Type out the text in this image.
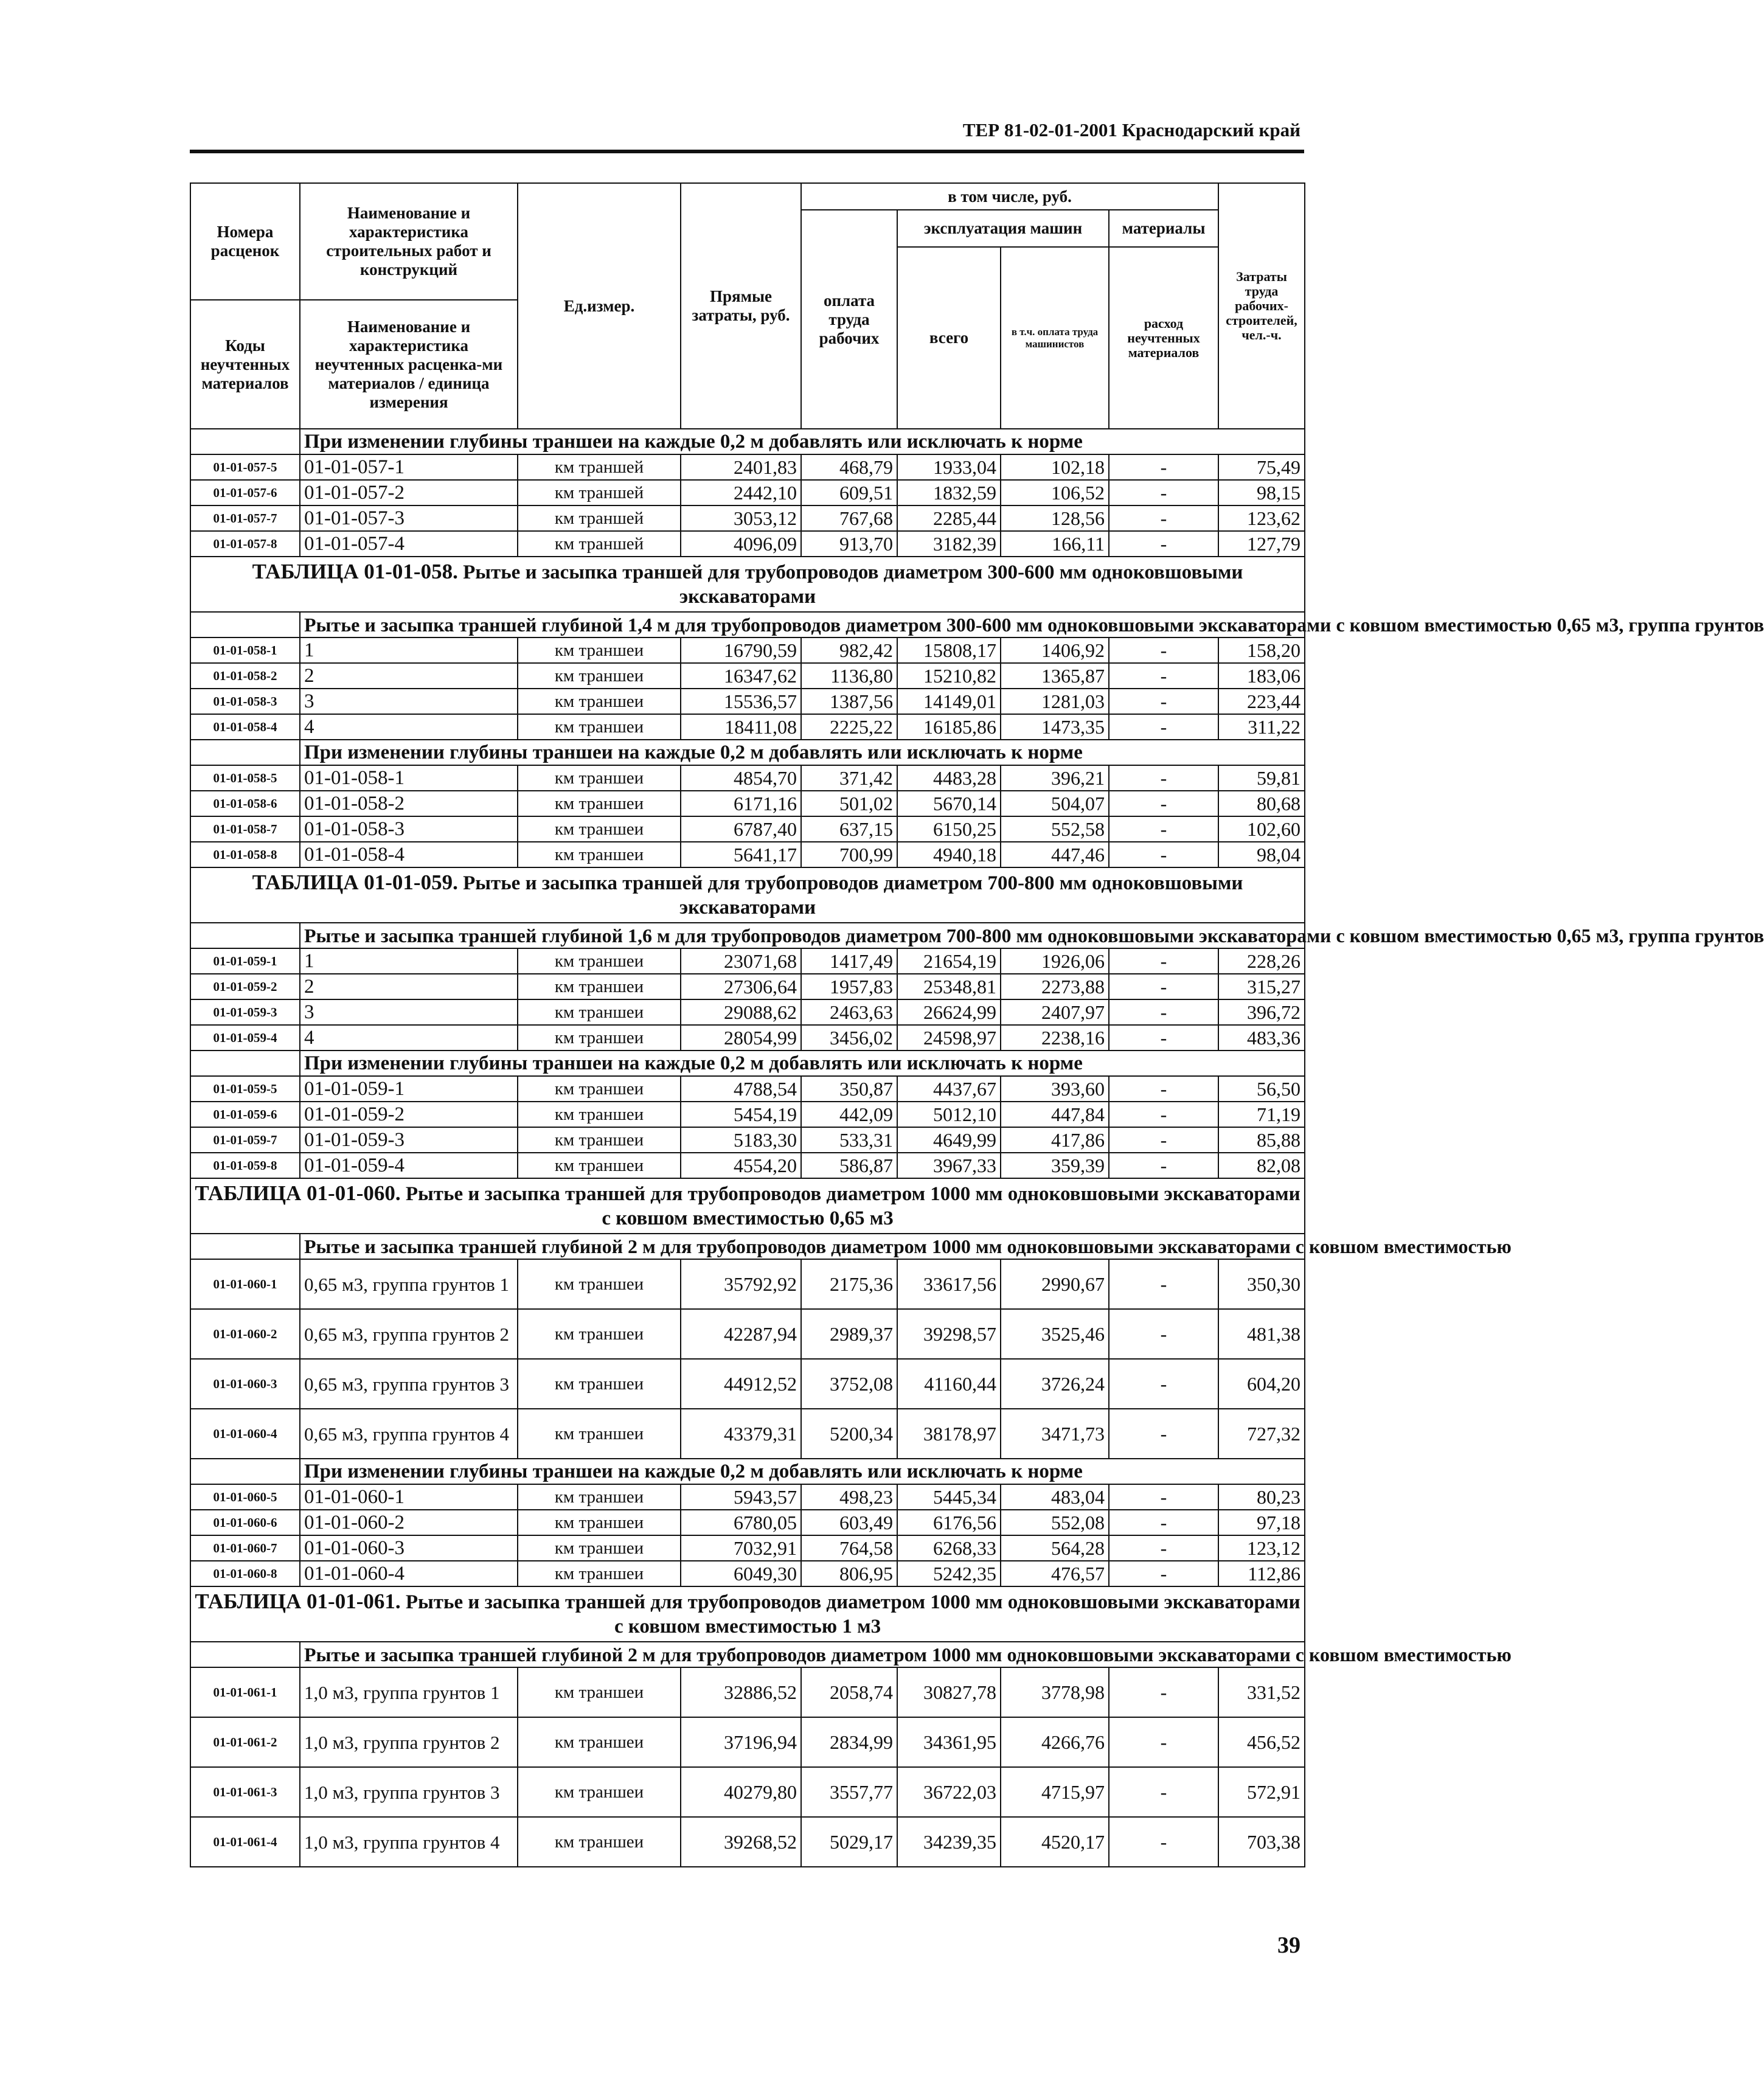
ТЕР 81-02-01-2001 Краснодарский край
Номера расценок	Наименование и характеристика строительных работ и конструкций	Ед.измер.	Прямые затраты, руб.	в том числе, руб.				Затраты труда рабочих-строителей, чел.-ч.
				оплата труда рабочих	эксплуатация машин		материалы	
					всего	в т.ч. оплата труда машинистов	расход неучтенных материалов	
Коды неучтенных материалов	Наименование и характеристика неучтенных расценка-ми материалов / единица измерения							

	При изменении глубины траншеи на каждые 0,2 м добавлять или исключать к норме							
01-01-057-5	01-01-057-1	км траншей	2401,83	468,79	1933,04	102,18	-	75,49
01-01-057-6	01-01-057-2	км траншей	2442,10	609,51	1832,59	106,52	-	98,15
01-01-057-7	01-01-057-3	км траншей	3053,12	767,68	2285,44	128,56	-	123,62
01-01-057-8	01-01-057-4	км траншей	4096,09	913,70	3182,39	166,11	-	127,79
ТАБЛИЦА 01-01-058. Рытье и засыпка траншей для трубопроводов диаметром 300-600 мм одноковшовыми экскаваторами								
	Рытье и засыпка траншей глубиной 1,4 м для трубопроводов диаметром 300-600 мм одноковшовыми экскаваторами с ковшом вместимостью 0,65 м3, группа грунтов							
01-01-058-1	1	км траншеи	16790,59	982,42	15808,17	1406,92	-	158,20
01-01-058-2	2	км траншеи	16347,62	1136,80	15210,82	1365,87	-	183,06
01-01-058-3	3	км траншеи	15536,57	1387,56	14149,01	1281,03	-	223,44
01-01-058-4	4	км траншеи	18411,08	2225,22	16185,86	1473,35	-	311,22
	При изменении глубины траншеи на каждые 0,2 м добавлять или исключать к норме							
01-01-058-5	01-01-058-1	км траншеи	4854,70	371,42	4483,28	396,21	-	59,81
01-01-058-6	01-01-058-2	км траншеи	6171,16	501,02	5670,14	504,07	-	80,68
01-01-058-7	01-01-058-3	км траншеи	6787,40	637,15	6150,25	552,58	-	102,60
01-01-058-8	01-01-058-4	км траншеи	5641,17	700,99	4940,18	447,46	-	98,04
ТАБЛИЦА 01-01-059. Рытье и засыпка траншей для трубопроводов диаметром 700-800 мм одноковшовыми экскаваторами								
	Рытье и засыпка траншей глубиной 1,6 м для трубопроводов диаметром 700-800 мм одноковшовыми экскаваторами с ковшом вместимостью 0,65 м3, группа грунтов							
01-01-059-1	1	км траншеи	23071,68	1417,49	21654,19	1926,06	-	228,26
01-01-059-2	2	км траншеи	27306,64	1957,83	25348,81	2273,88	-	315,27
01-01-059-3	3	км траншеи	29088,62	2463,63	26624,99	2407,97	-	396,72
01-01-059-4	4	км траншеи	28054,99	3456,02	24598,97	2238,16	-	483,36
	При изменении глубины траншеи на каждые 0,2 м добавлять или исключать к норме							
01-01-059-5	01-01-059-1	км траншеи	4788,54	350,87	4437,67	393,60	-	56,50
01-01-059-6	01-01-059-2	км траншеи	5454,19	442,09	5012,10	447,84	-	71,19
01-01-059-7	01-01-059-3	км траншеи	5183,30	533,31	4649,99	417,86	-	85,88
01-01-059-8	01-01-059-4	км траншеи	4554,20	586,87	3967,33	359,39	-	82,08
ТАБЛИЦА 01-01-060. Рытье и засыпка траншей для трубопроводов диаметром 1000 мм одноковшовыми экскаваторами с ковшом вместимостью 0,65 м3								
	Рытье и засыпка траншей глубиной 2 м для трубопроводов диаметром 1000 мм одноковшовыми экскаваторами с ковшом вместимостью							
01-01-060-1	0,65 м3, группа грунтов 1	км траншеи	35792,92	2175,36	33617,56	2990,67	-	350,30
01-01-060-2	0,65 м3, группа грунтов 2	км траншеи	42287,94	2989,37	39298,57	3525,46	-	481,38
01-01-060-3	0,65 м3, группа грунтов 3	км траншеи	44912,52	3752,08	41160,44	3726,24	-	604,20
01-01-060-4	0,65 м3, группа грунтов 4	км траншеи	43379,31	5200,34	38178,97	3471,73	-	727,32
	При изменении глубины траншеи на каждые 0,2 м добавлять или исключать к норме							
01-01-060-5	01-01-060-1	км траншеи	5943,57	498,23	5445,34	483,04	-	80,23
01-01-060-6	01-01-060-2	км траншеи	6780,05	603,49	6176,56	552,08	-	97,18
01-01-060-7	01-01-060-3	км траншеи	7032,91	764,58	6268,33	564,28	-	123,12
01-01-060-8	01-01-060-4	км траншеи	6049,30	806,95	5242,35	476,57	-	112,86
ТАБЛИЦА 01-01-061. Рытье и засыпка траншей для трубопроводов диаметром 1000 мм одноковшовыми экскаваторами с ковшом вместимостью 1 м3								
	Рытье и засыпка траншей глубиной 2 м для трубопроводов диаметром 1000 мм одноковшовыми экскаваторами с ковшом вместимостью							
01-01-061-1	1,0 м3, группа грунтов 1	км траншеи	32886,52	2058,74	30827,78	3778,98	-	331,52
01-01-061-2	1,0 м3, группа грунтов 2	км траншеи	37196,94	2834,99	34361,95	4266,76	-	456,52
01-01-061-3	1,0 м3, группа грунтов 3	км траншеи	40279,80	3557,77	36722,03	4715,97	-	572,91
01-01-061-4	1,0 м3, группа грунтов 4	км траншеи	39268,52	5029,17	34239,35	4520,17	-	703,38
39
